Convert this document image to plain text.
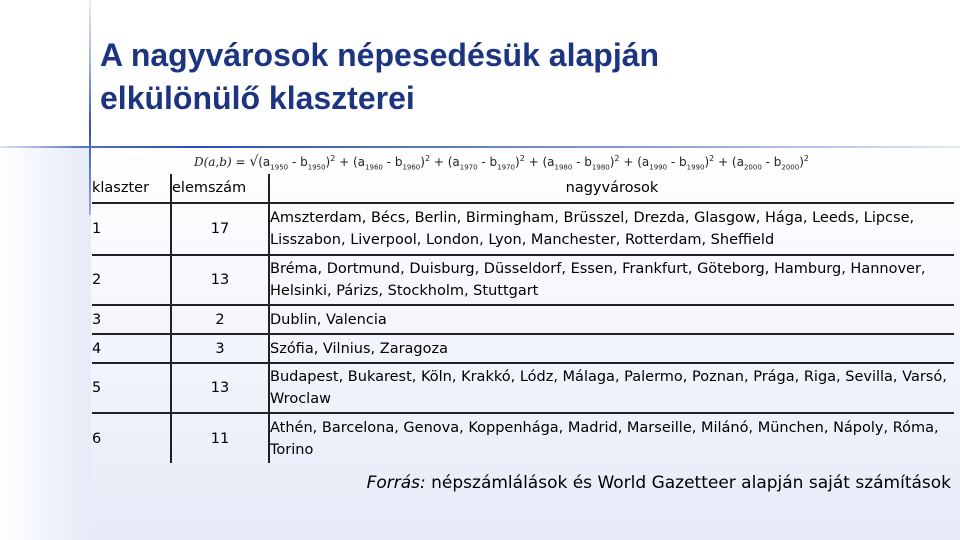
A nagyvárosok népesedésük alapján
elkülönülő klaszterei
$D(a,b) = √(a_{1950} - b_{1950})^2 + (a_{1960} - b_{1960})^2 + (a_{1970} - b_{1970})^2 + (a_{1980} - b_{1980})^2 + (a_{1990} - b_{1990})^2 + (a_{2000} - b_{2000})^2$
klaszter	elemszám	nagyvárosok
1	17	Amszterdam, Bécs, Berlin, Birmingham, Brüsszel, Drezda, Glasgow, Hága, Leeds, Lipcse, Lisszabon, Liverpool, London, Lyon, Manchester, Rotterdam, Sheffield
2	13	Bréma, Dortmund, Duisburg, Düsseldorf, Essen, Frankfurt, Göteborg, Hamburg, Hannover, Helsinki, Párizs, Stockholm, Stuttgart
3	2	Dublin, Valencia
4	3	Szófia, Vilnius, Zaragoza
5	13	Budapest, Bukarest, Köln, Krakkó, Lódz, Málaga, Palermo, Poznan, Prága, Riga, Sevilla, Varsó, Wroclaw
6	11	Athén, Barcelona, Genova, Koppenhága, Madrid, Marseille, Milánó, München, Nápoly, Róma, Torino
Forrás: népszámlálások és World Gazetteer alapján saját számítások
